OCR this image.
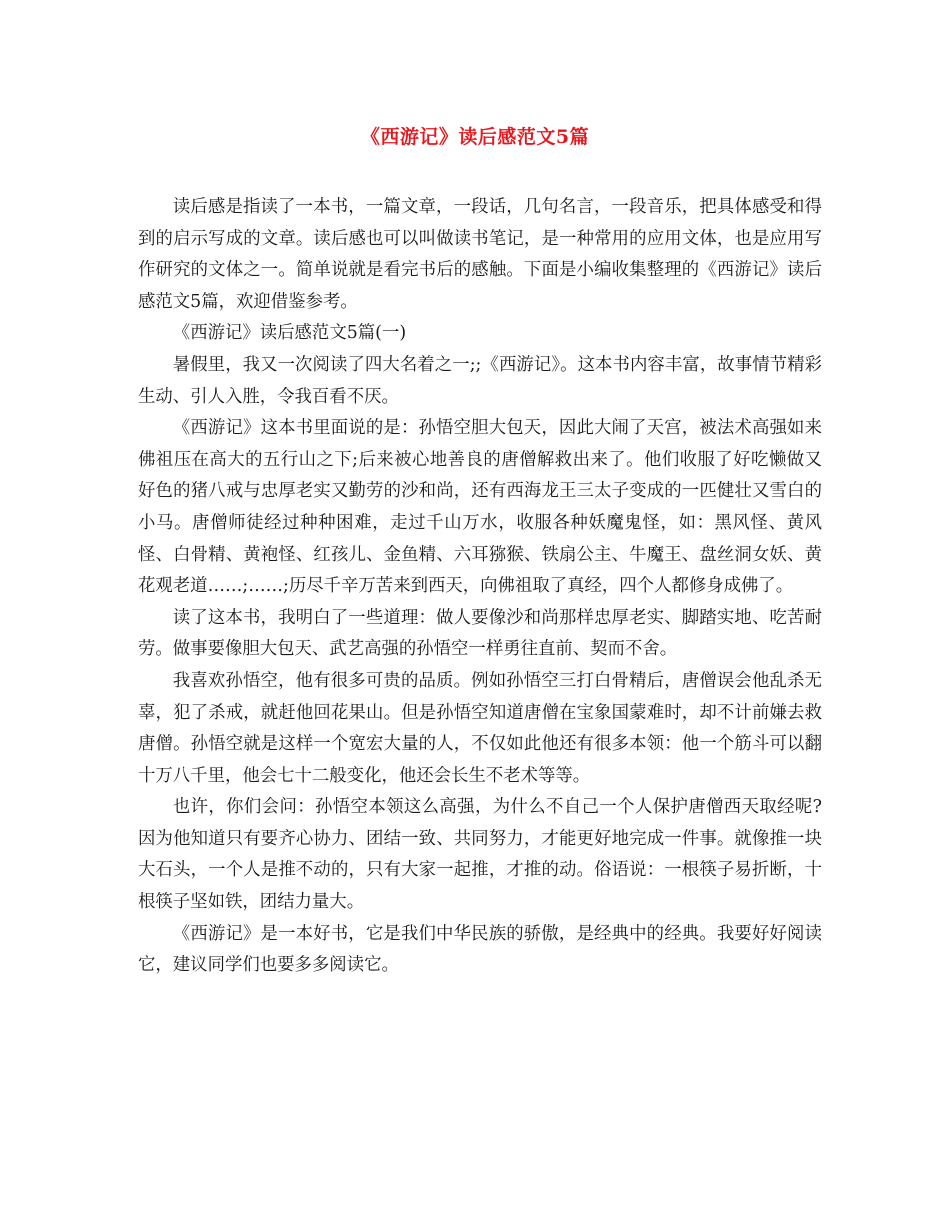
《西游记》读后感范文5篇

读后感是指读了一本书，一篇文章，一段话，几句名言，一段音乐，把具体感受和得到的启示写成的文章。读后感也可以叫做读书笔记，是一种常用的应用文体，也是应用写作研究的文体之一。简单说就是看完书后的感触。下面是小编收集整理的《西游记》读后感范文5篇，欢迎借鉴参考。

《西游记》读后感范文5篇(一)

暑假里，我又一次阅读了四大名着之一;;《西游记》。这本书内容丰富，故事情节精彩生动、引人入胜，令我百看不厌。

《西游记》这本书里面说的是：孙悟空胆大包天，因此大闹了天宫，被法术高强如来佛祖压在高大的五行山之下;后来被心地善良的唐僧解救出来了。他们收服了好吃懒做又好色的猪八戒与忠厚老实又勤劳的沙和尚，还有西海龙王三太子变成的一匹健壮又雪白的小马。唐僧师徒经过种种困难，走过千山万水，收服各种妖魔鬼怪，如：黑风怪、黄风怪、白骨精、黄袍怪、红孩儿、金鱼精、六耳猕猴、铁扇公主、牛魔王、盘丝洞女妖、黄花观老道……;……;历尽千辛万苦来到西天，向佛祖取了真经，四个人都修身成佛了。

读了这本书，我明白了一些道理：做人要像沙和尚那样忠厚老实、脚踏实地、吃苦耐劳。做事要像胆大包天、武艺高强的孙悟空一样勇往直前、契而不舍。

我喜欢孙悟空，他有很多可贵的品质。例如孙悟空三打白骨精后，唐僧误会他乱杀无辜，犯了杀戒，就赶他回花果山。但是孙悟空知道唐僧在宝象国蒙难时，却不计前嫌去救唐僧。孙悟空就是这样一个宽宏大量的人，不仅如此他还有很多本领：他一个筋斗可以翻十万八千里，他会七十二般变化，他还会长生不老术等等。

也许，你们会问：孙悟空本领这么高强，为什么不自己一个人保护唐僧西天取经呢?因为他知道只有要齐心协力、团结一致、共同努力，才能更好地完成一件事。就像推一块大石头，一个人是推不动的，只有大家一起推，才推的动。俗语说：一根筷子易折断，十根筷子坚如铁，团结力量大。

《西游记》是一本好书，它是我们中华民族的骄傲，是经典中的经典。我要好好阅读它，建议同学们也要多多阅读它。
